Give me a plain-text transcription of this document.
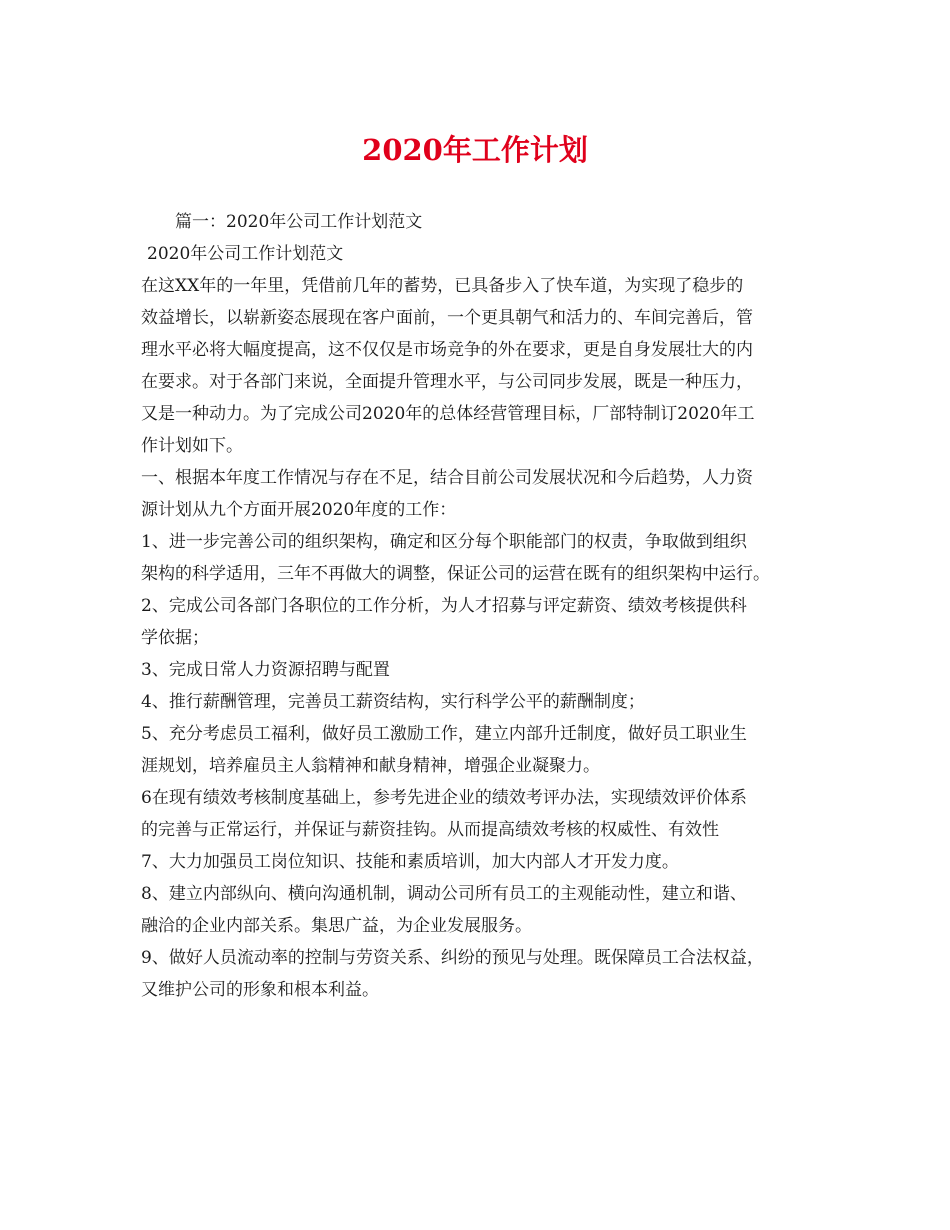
2020年工作计划
篇一：2020年公司工作计划范文
2020年公司工作计划范文
在这XX年的一年里，凭借前几年的蓄势，已具备步入了快车道，为实现了稳步的
效益增长，以崭新姿态展现在客户面前，一个更具朝气和活力的、车间完善后，管
理水平必将大幅度提高，这不仅仅是市场竞争的外在要求，更是自身发展壮大的内
在要求。对于各部门来说，全面提升管理水平，与公司同步发展，既是一种压力，
又是一种动力。为了完成公司2020年的总体经营管理目标，厂部特制订2020年工
作计划如下。
一、根据本年度工作情况与存在不足，结合目前公司发展状况和今后趋势，人力资
源计划从九个方面开展2020年度的工作：
1、进一步完善公司的组织架构，确定和区分每个职能部门的权责，争取做到组织
架构的科学适用，三年不再做大的调整，保证公司的运营在既有的组织架构中运行。
2、完成公司各部门各职位的工作分析，为人才招募与评定薪资、绩效考核提供科
学依据；
3、完成日常人力资源招聘与配置
4、推行薪酬管理，完善员工薪资结构，实行科学公平的薪酬制度；
5、充分考虑员工福利，做好员工激励工作，建立内部升迁制度，做好员工职业生
涯规划，培养雇员主人翁精神和献身精神，增强企业凝聚力。
6在现有绩效考核制度基础上，参考先进企业的绩效考评办法，实现绩效评价体系
的完善与正常运行，并保证与薪资挂钩。从而提高绩效考核的权威性、有效性
7、大力加强员工岗位知识、技能和素质培训，加大内部人才开发力度。
8、建立内部纵向、横向沟通机制，调动公司所有员工的主观能动性，建立和谐、
融洽的企业内部关系。集思广益，为企业发展服务。
9、做好人员流动率的控制与劳资关系、纠纷的预见与处理。既保障员工合法权益，
又维护公司的形象和根本利益。
